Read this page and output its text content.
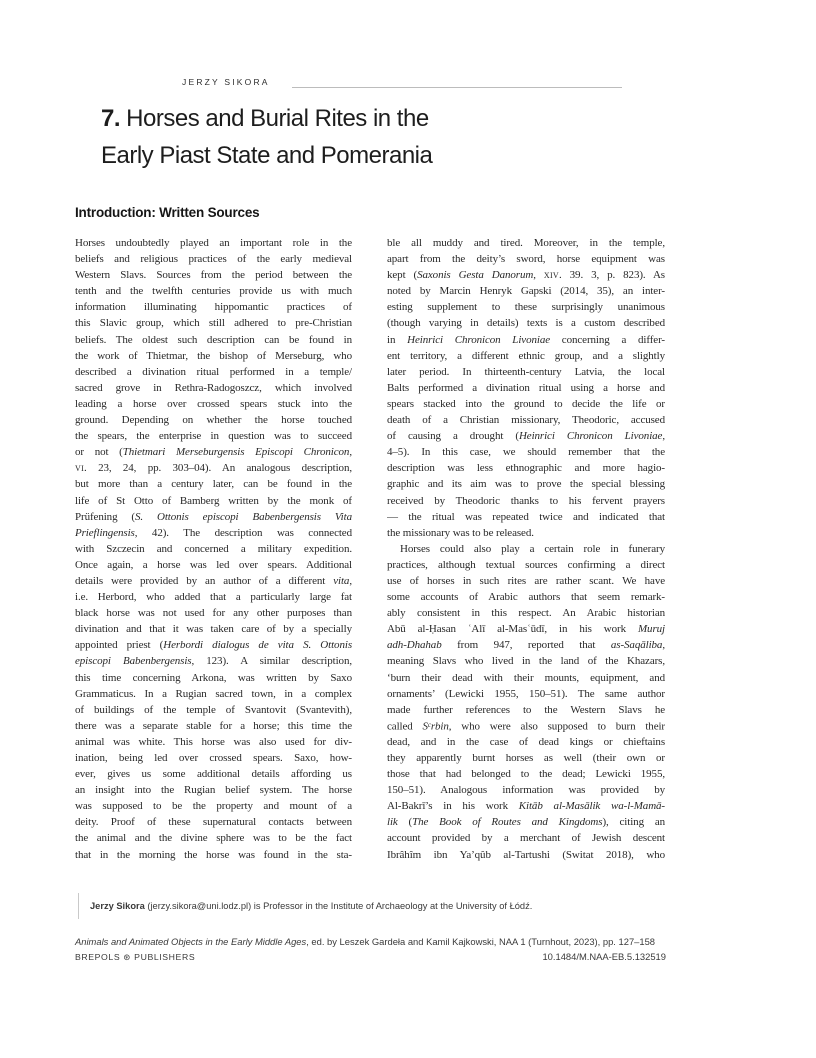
JERZY SIKORA
7. Horses and Burial Rites in the
Early Piast State and Pomerania
Introduction: Written Sources
Horses undoubtedly played an important role in the
beliefs and religious practices of the early medieval
Western Slavs. Sources from the period between the
tenth and the twelfth centuries provide us with much
information illuminating hippomantic practices of
this Slavic group, which still adhered to pre-Christian
beliefs. The oldest such description can be found in
the work of Thietmar, the bishop of Merseburg, who
described a divination ritual performed in a temple/
sacred grove in Rethra-Radogoszcz, which involved
leading a horse over crossed spears stuck into the
ground. Depending on whether the horse touched
the spears, the enterprise in question was to succeed
or not (Thietmari Merseburgensis Episcopi Chronicon,
vi. 23, 24, pp. 303–04). An analogous description,
but more than a century later, can be found in the
life of St Otto of Bamberg written by the monk of
Prüfening (S. Ottonis episcopi Babenbergensis Vita
Prieflingensis, 42). The description was connected
with Szczecin and concerned a military expedition.
Once again, a horse was led over spears. Additional
details were provided by an author of a different vita,
i.e. Herbord, who added that a particularly large fat
black horse was not used for any other purposes than
divination and that it was taken care of by a specially
appointed priest (Herbordi dialogus de vita S. Ottonis
episcopi Babenbergensis, 123). A similar description,
this time concerning Arkona, was written by Saxo
Grammaticus. In a Rugian sacred town, in a complex
of buildings of the temple of Svantovit (Svantevith),
there was a separate stable for a horse; this time the
animal was white. This horse was also used for div-
ination, being led over crossed spears. Saxo, how-
ever, gives us some additional details affording us
an insight into the Rugian belief system. The horse
was supposed to be the property and mount of a
deity. Proof of these supernatural contacts between
the animal and the divine sphere was to be the fact
that in the morning the horse was found in the sta-
ble all muddy and tired. Moreover, in the temple,
apart from the deity’s sword, horse equipment was
kept (Saxonis Gesta Danorum, xiv. 39. 3, p. 823). As
noted by Marcin Henryk Gapski (2014, 35), an inter-
esting supplement to these surprisingly unanimous
(though varying in details) texts is a custom described
in Heinrici Chronicon Livoniae concerning a differ-
ent territory, a different ethnic group, and a slightly
later period. In thirteenth-century Latvia, the local
Balts performed a divination ritual using a horse and
spears stacked into the ground to decide the life or
death of a Christian missionary, Theodoric, accused
of causing a drought (Heinrici Chronicon Livoniae,
4–5). In this case, we should remember that the
description was less ethnographic and more hagio-
graphic and its aim was to prove the special blessing
received by Theodoric thanks to his fervent prayers
— the ritual was repeated twice and indicated that
the missionary was to be released.
Horses could also play a certain role in funerary
practices, although textual sources confirming a direct
use of horses in such rites are rather scant. We have
some accounts of Arabic authors that seem remark-
ably consistent in this respect. An Arabic historian
Abū al-Ḥasan ʿAlī al-Masʿūdī, in his work Muruj
adh-Dhahab from 947, reported that as-Saqāliba,
meaning Slavs who lived in the land of the Khazars,
‘burn their dead with their mounts, equipment, and
ornaments’ (Lewicki 1955, 150–51). The same author
made further references to the Western Slavs he
called $S^crbin$, who were also supposed to burn their
dead, and in the case of dead kings or chieftains
they apparently burnt horses as well (their own or
those that had belonged to the dead; Lewicki 1955,
150–51). Analogous information was provided by
Al-Bakrī’s in his work Kitāb al-Masālik wa-l-Mamā-
lik (The Book of Routes and Kingdoms), citing an
account provided by a merchant of Jewish descent
Ibrâhîm ibn Ya’qûb al-Tartushi (Switat 2018), who
Jerzy Sikora (jerzy.sikora@uni.lodz.pl) is Professor in the Institute of Archaeology at the University of Łódź.
Animals and Animated Objects in the Early Middle Ages, ed. by Leszek Gardeła and Kamil Kajkowski, NAA 1 (Turnhout, 2023), pp. 127–158
BREPOLS ⊛ PUBLISHERS	10.1484/M.NAA-EB.5.132519
